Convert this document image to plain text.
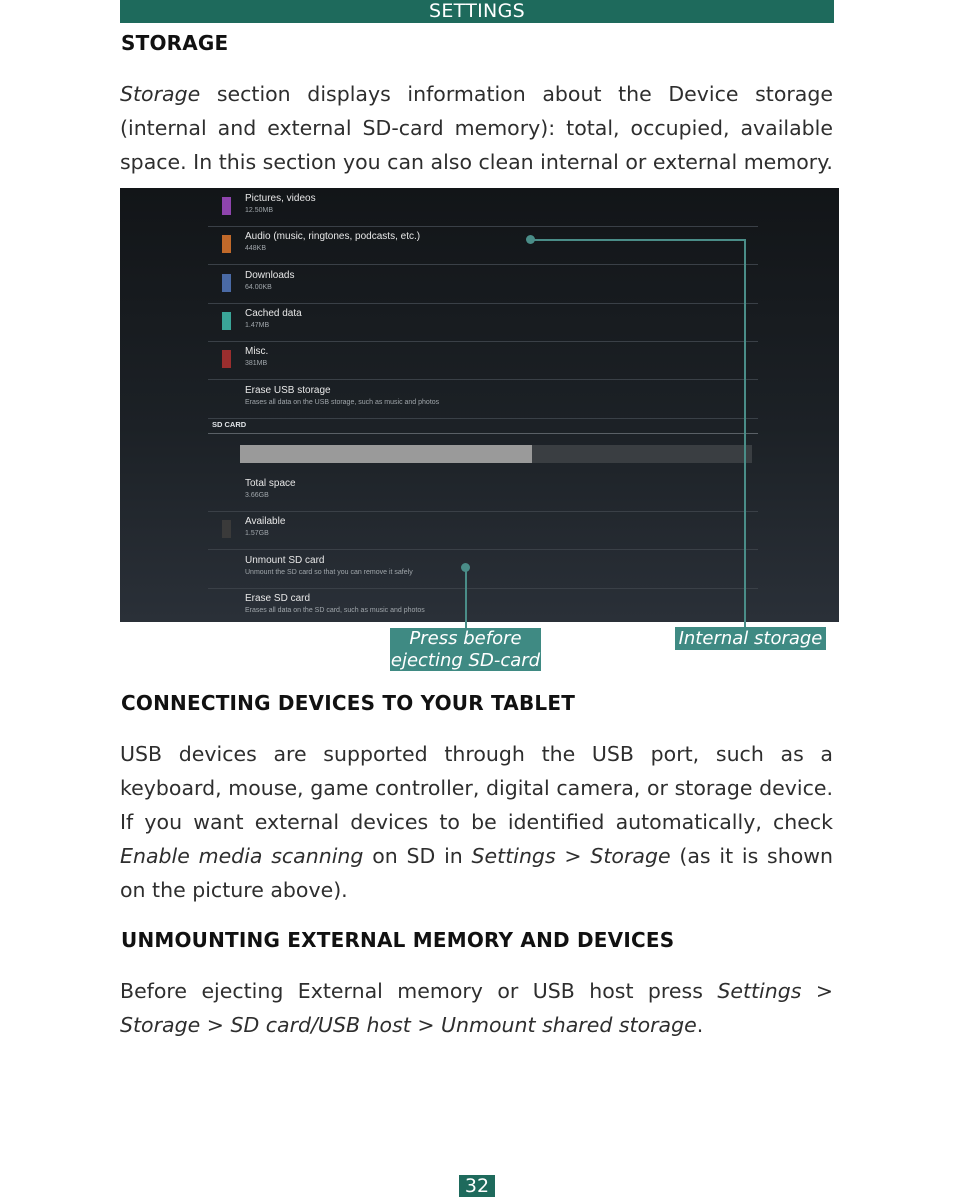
SETTINGS
STORAGE
Storage section displays information about the Device storage (internal and external SD-card memory): total, occupied, available space. In this section you can also clean internal or external memory.
Pictures, videos
12.50MB
Audio (music, ringtones, podcasts, etc.)
448KB
Downloads
64.00KB
Cached data
1.47MB
Misc.
381MB
Erase USB storage
Erases all data on the USB storage, such as music and photos
SD CARD
Total space
3.66GB
Available
1.57GB
Unmount SD card
Unmount the SD card so that you can remove it safely
Erase SD card
Erases all data on the SD card, such as music and photos
Internal storage
Press before
ejecting SD-card
CONNECTING DEVICES TO YOUR TABLET
USB devices are supported through the USB port, such as a keyboard, mouse, game controller, digital camera, or storage device. If you want external devices to be identified automatically, check Enable media scanning on SD in Settings > Storage (as it is shown on the picture above).
UNMOUNTING EXTERNAL MEMORY AND DEVICES
Before ejecting External memory or USB host press Settings > Storage > SD card/USB host > Unmount shared storage.
32
